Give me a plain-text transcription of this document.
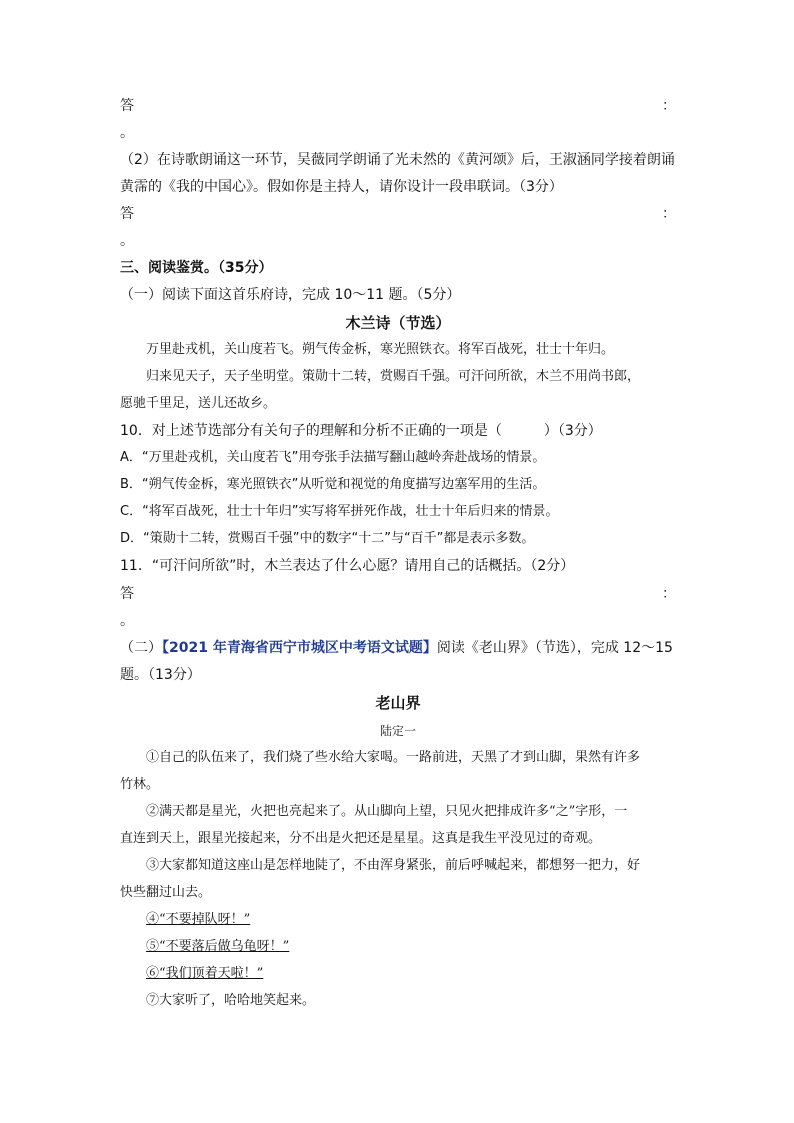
答	：
。
（2）在诗歌朗诵这一环节，吴薇同学朗诵了光未然的《黄河颂》后，王淑涵同学接着朗诵
黄霈的《我的中国心》。假如你是主持人，请你设计一段串联词。（3分）
答	：
。
三、阅读鉴赏。（35分）
（一）阅读下面这首乐府诗，完成 10～11 题。（5分）
木兰诗（节选）
万里赴戎机，关山度若飞。朔气传金柝，寒光照铁衣。将军百战死，壮士十年归。
归来见天子，天子坐明堂。策勋十二转，赏赐百千强。可汗问所欲，木兰不用尚书郎，
愿驰千里足，送儿还故乡。
10．对上述节选部分有关句子的理解和分析不正确的一项是（　　　）（3分）
A．“万里赴戎机，关山度若飞”用夸张手法描写翻山越岭奔赴战场的情景。
B．“朔气传金柝，寒光照铁衣”从听觉和视觉的角度描写边塞军用的生活。
C．“将军百战死，壮士十年归”实写将军拼死作战，壮士十年后归来的情景。
D．“策勋十二转，赏赐百千强”中的数字“十二”与“百千”都是表示多数。
11．“可汗问所欲”时，木兰表达了什么心愿？请用自己的话概括。（2分）
答	：
。
（二）【2021 年青海省西宁市城区中考语文试题】阅读《老山界》（节选），完成 12～15
题。（13分）
老山界
陆定一
①自己的队伍来了，我们烧了些水给大家喝。一路前进，天黑了才到山脚，果然有许多
竹林。
②满天都是星光，火把也亮起来了。从山脚向上望，只见火把排成许多“之”字形，一
直连到天上，跟星光接起来，分不出是火把还是星星。这真是我生平没见过的奇观。
③大家都知道这座山是怎样地陡了，不由浑身紧张，前后呼喊起来，都想努一把力，好
快些翻过山去。
④“不要掉队呀！”
⑤“不要落后做乌龟呀！”
⑥“我们顶着天啦！”
⑦大家听了，哈哈地笑起来。
